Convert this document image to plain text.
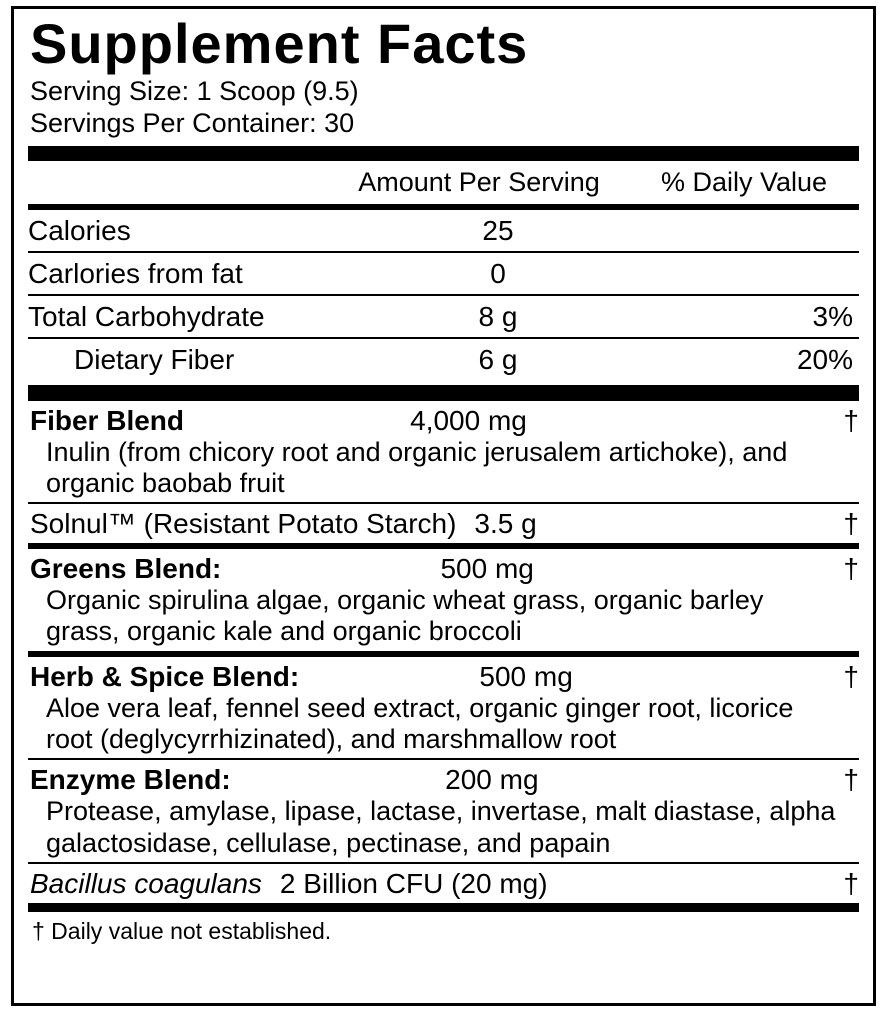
Supplement Facts
Serving Size: 1 Scoop (9.5)
Servings Per Container: 30
Amount Per Serving	% Daily Value
Calories	25
Carlories from fat	0
Total Carbohydrate	8 g	3%
Dietary Fiber	6 g	20%
Fiber Blend	4,000 mg	†
Inulin (from chicory root and organic jerusalem artichoke), and organic baobab fruit
Solnul™ (Resistant Potato Starch) 3.5 g	†
Greens Blend:	500 mg	†
Organic spirulina algae, organic wheat grass, organic barley grass, organic kale and organic broccoli
Herb & Spice Blend:	500 mg	†
Aloe vera leaf, fennel seed extract, organic ginger root, licorice root (deglycyrrhizinated), and marshmallow root
Enzyme Blend:	200 mg	†
Protease, amylase, lipase, lactase, invertase, malt diastase, alpha galactosidase, cellulase, pectinase, and papain
Bacillus coagulans 2 Billion CFU (20 mg)	†
† Daily value not established.
